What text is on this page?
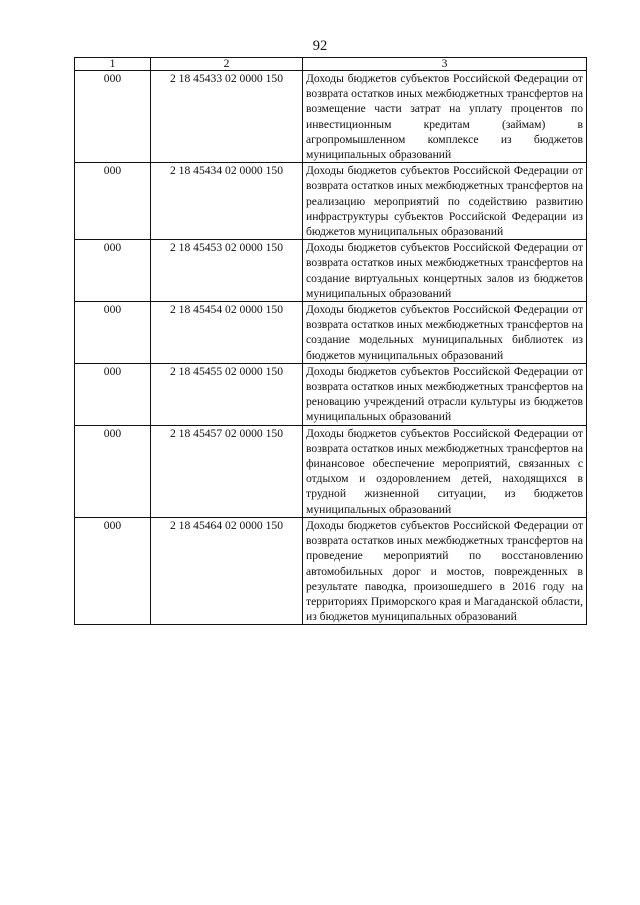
92
1	2	3
000	2 18 45433 02 0000 150	Доходы бюджетов субъектов Российской Федерации от возврата остатков иных межбюджетных трансфертов на возмещение части затрат на уплату процентов по инвестиционным кредитам (займам) в агропромышленном комплексе из бюджетов муниципальных образований
000	2 18 45434 02 0000 150	Доходы бюджетов субъектов Российской Федерации от возврата остатков иных межбюджетных трансфертов на реализацию мероприятий по содействию развитию инфраструктуры субъектов Российской Федерации из бюджетов муниципальных образований
000	2 18 45453 02 0000 150	Доходы бюджетов субъектов Российской Федерации от возврата остатков иных межбюджетных трансфертов на создание виртуальных концертных залов из бюджетов муниципальных образований
000	2 18 45454 02 0000 150	Доходы бюджетов субъектов Российской Федерации от возврата остатков иных межбюджетных трансфертов на создание модельных муниципальных библиотек из бюджетов муниципальных образований
000	2 18 45455 02 0000 150	Доходы бюджетов субъектов Российской Федерации от возврата остатков иных межбюджетных трансфертов на реновацию учреждений отрасли культуры из бюджетов муниципальных образований
000	2 18 45457 02 0000 150	Доходы бюджетов субъектов Российской Федерации от возврата остатков иных межбюджетных трансфертов на финансовое обеспечение мероприятий, связанных с отдыхом и оздоровлением детей, находящихся в трудной жизненной ситуации, из бюджетов муниципальных образований
000	2 18 45464 02 0000 150	Доходы бюджетов субъектов Российской Федерации от возврата остатков иных межбюджетных трансфертов на проведение мероприятий по восстановлению автомобильных дорог и мостов, поврежденных в результате паводка, произошедшего в 2016 году на территориях Приморского края и Магаданской области, из бюджетов муниципальных образований
